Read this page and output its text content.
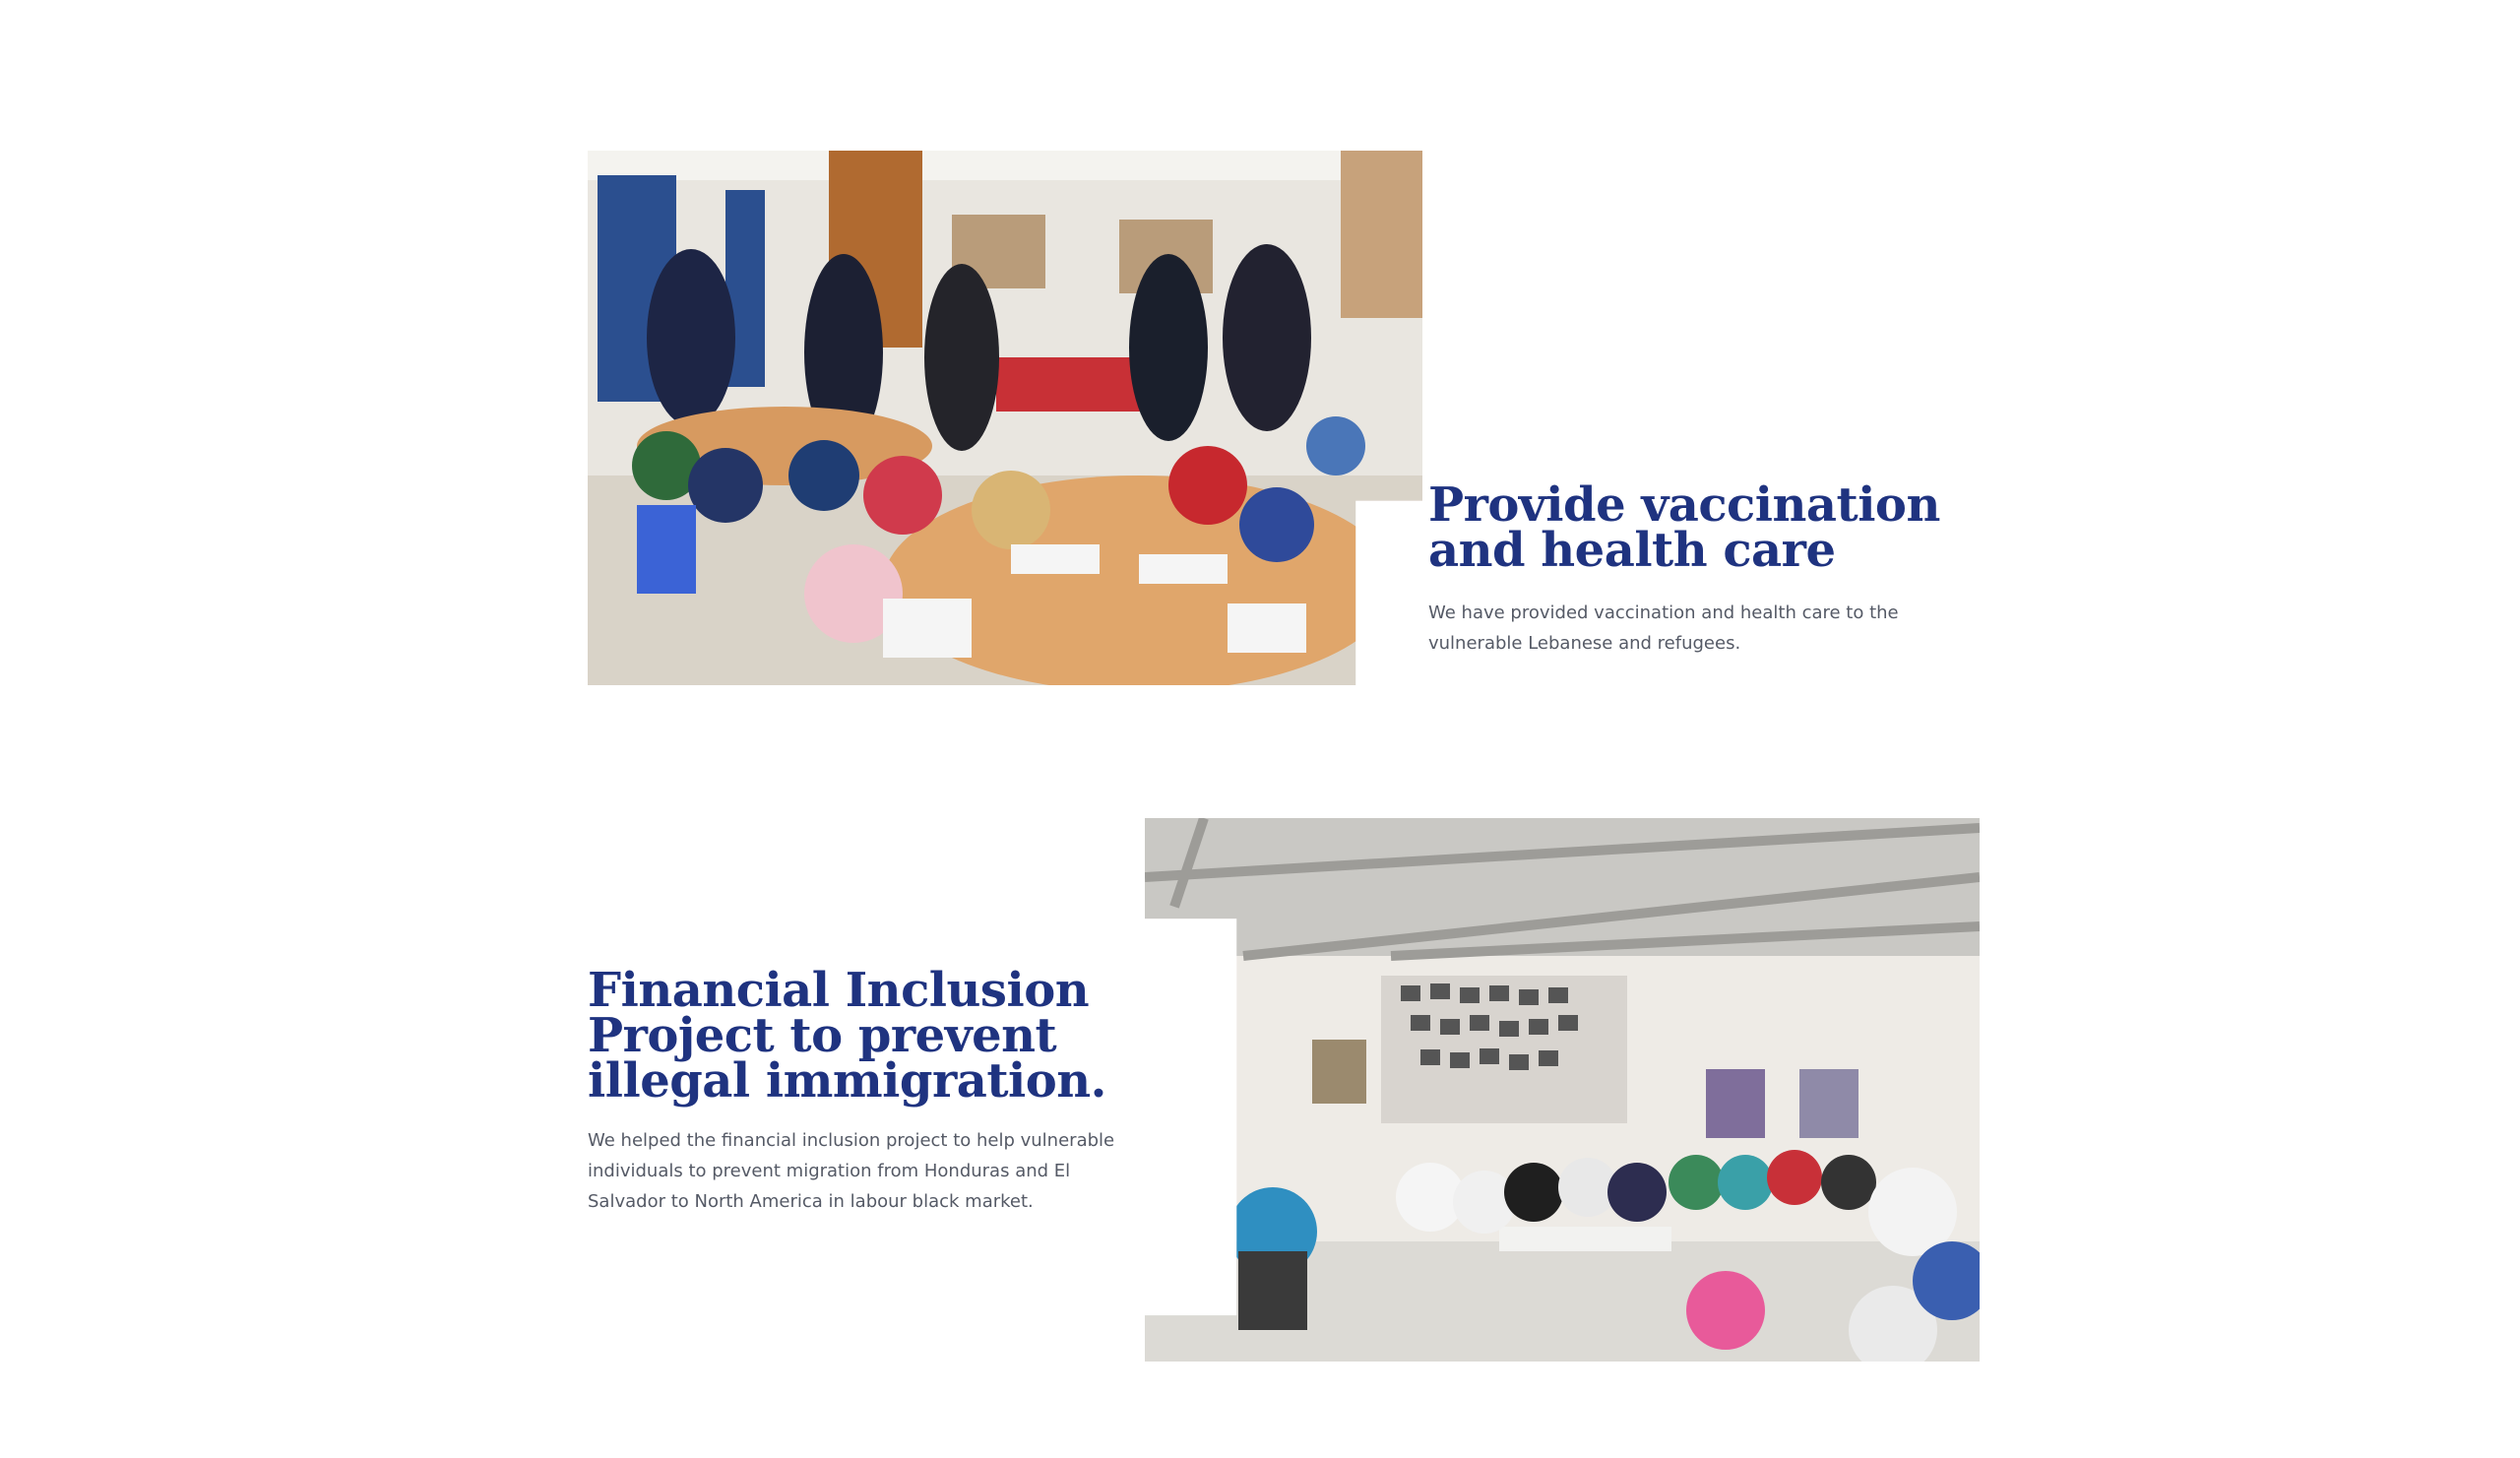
Provide vaccination and health care

We have provided vaccination and health care to the vulnerable Lebanese and refugees.

Financial Inclusion Project to prevent illegal immigration.

We helped the financial inclusion project to help vulnerable individuals to prevent migration from Honduras and El Salvador to North America in labour black market.
